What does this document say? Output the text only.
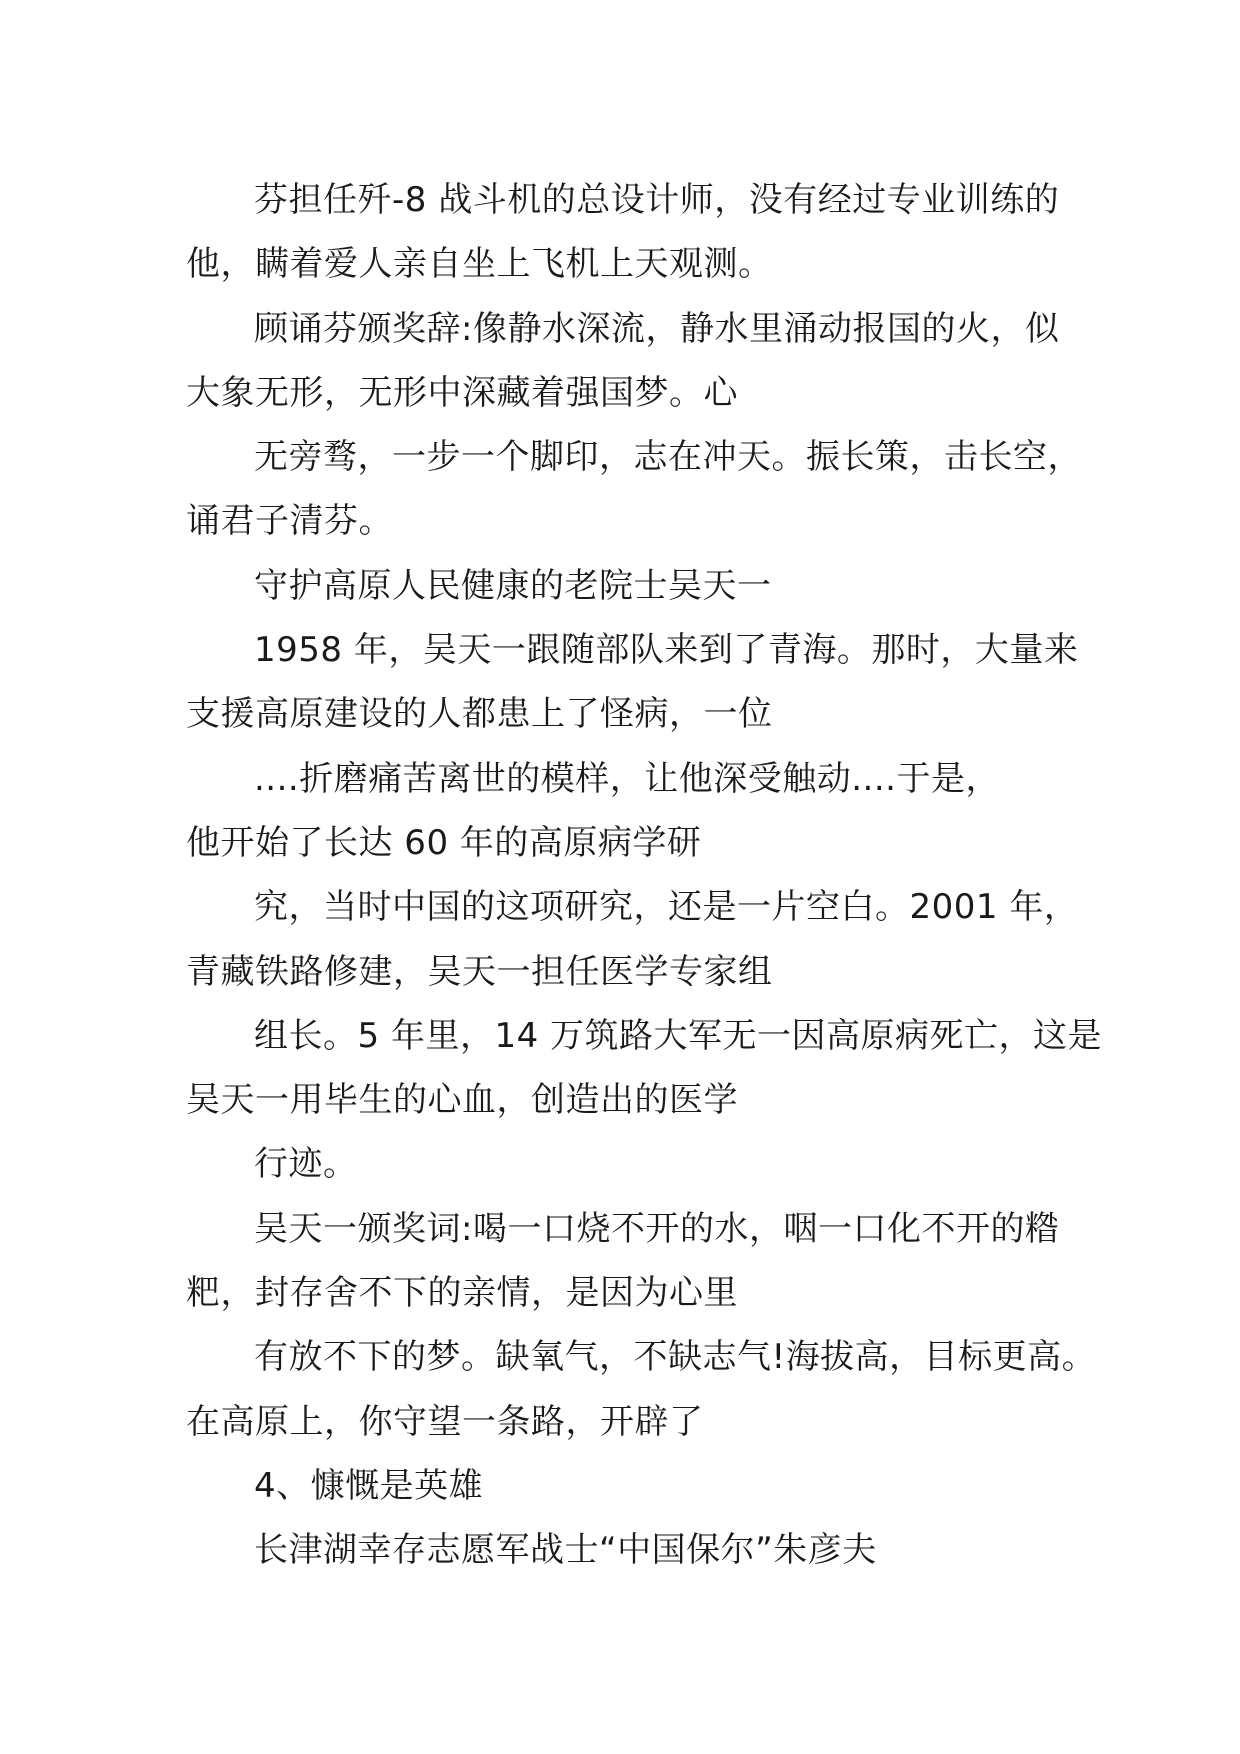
芬担任歼-8 战斗机的总设计师，没有经过专业训练的
他，瞒着爱人亲自坐上飞机上天观测。

顾诵芬颁奖辞:像静水深流，静水里涌动报国的火，似
大象无形，无形中深藏着强国梦。心

无旁骛，一步一个脚印，志在冲天。振长策，击长空，
诵君子清芬。

守护高原人民健康的老院士吴天一

1958 年，吴天一跟随部队来到了青海。那时，大量来
支援高原建设的人都患上了怪病，一位

....折磨痛苦离世的模样，让他深受触动....于是，
他开始了长达 60 年的高原病学研

究，当时中国的这项研究，还是一片空白。2001 年，
青藏铁路修建，吴天一担任医学专家组

组长。5 年里，14 万筑路大军无一因高原病死亡，这是
吴天一用毕生的心血，创造出的医学

行迹。

吴天一颁奖词:喝一口烧不开的水，咽一口化不开的糌
粑，封存舍不下的亲情，是因为心里

有放不下的梦。缺氧气，不缺志气!海拔高，目标更高。
在高原上，你守望一条路，开辟了

4、慷慨是英雄

长津湖幸存志愿军战士“中国保尔”朱彦夫
